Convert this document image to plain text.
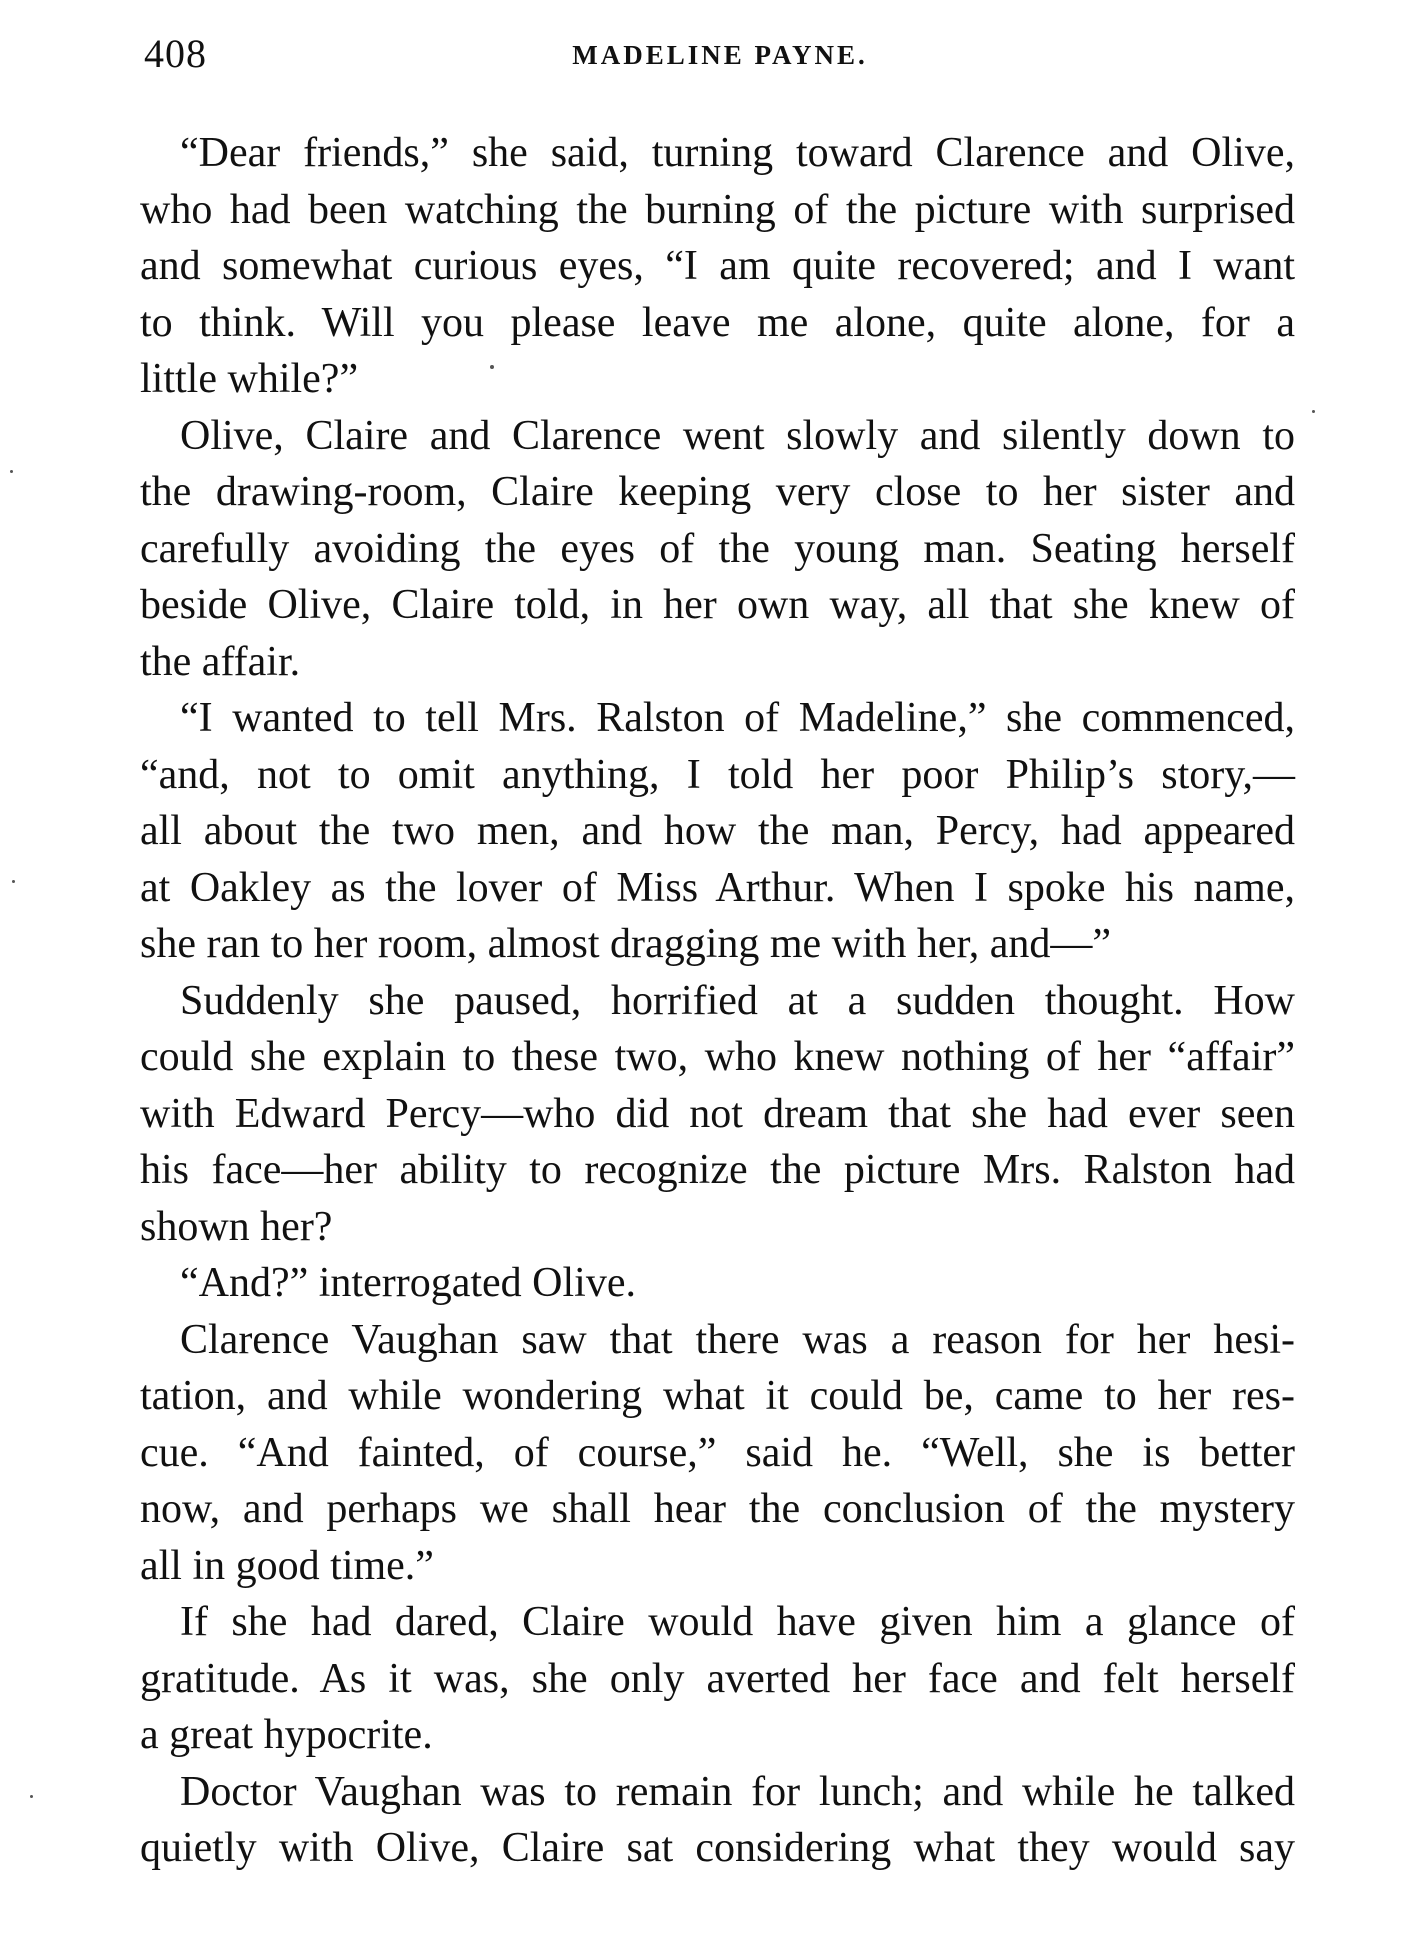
408	MADELINE PAYNE.
“Dear friends,” she said, turning toward Clarence and Olive,
who had been watching the burning of the picture with surprised
and somewhat curious eyes, “I am quite recovered; and I want
to think. Will you please leave me alone, quite alone, for a
little while?”
Olive, Claire and Clarence went slowly and silently down to
the drawing-room, Claire keeping very close to her sister and
carefully avoiding the eyes of the young man. Seating herself
beside Olive, Claire told, in her own way, all that she knew of
the affair.
“I wanted to tell Mrs. Ralston of Madeline,” she commenced,
“and, not to omit anything, I told her poor Philip’s story,—
all about the two men, and how the man, Percy, had appeared
at Oakley as the lover of Miss Arthur. When I spoke his name,
she ran to her room, almost dragging me with her, and—”
Suddenly she paused, horrified at a sudden thought. How
could she explain to these two, who knew nothing of her “affair”
with Edward Percy—who did not dream that she had ever seen
his face—her ability to recognize the picture Mrs. Ralston had
shown her?
“And?” interrogated Olive.
Clarence Vaughan saw that there was a reason for her hesi-
tation, and while wondering what it could be, came to her res-
cue. “And fainted, of course,” said he. “Well, she is better
now, and perhaps we shall hear the conclusion of the mystery
all in good time.”
If she had dared, Claire would have given him a glance of
gratitude. As it was, she only averted her face and felt herself
a great hypocrite.
Doctor Vaughan was to remain for lunch; and while he talked
quietly with Olive, Claire sat considering what they would say
